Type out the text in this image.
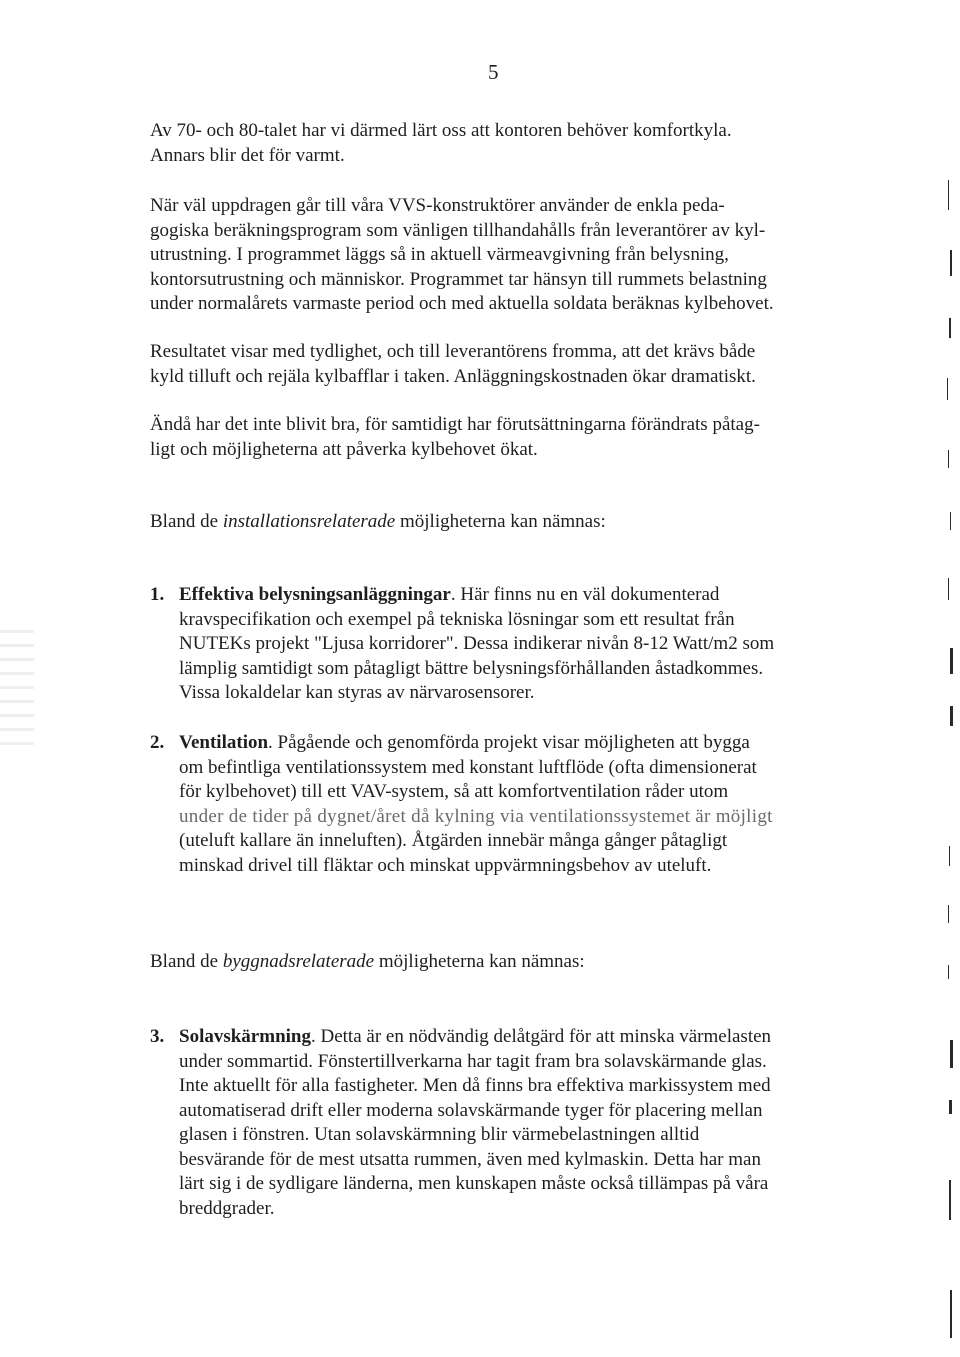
5
Av 70- och 80-talet har vi därmed lärt oss att kontoren behöver komfortkyla.
Annars blir det för varmt.
När väl uppdragen går till våra VVS-konstruktörer använder de enkla peda-
gogiska beräkningsprogram som vänligen tillhandahålls från leverantörer av kyl-
utrustning. I programmet läggs så in aktuell värmeavgivning från belysning,
kontorsutrustning och människor. Programmet tar hänsyn till rummets belastning
under normalårets varmaste period och med aktuella soldata beräknas kylbehovet.
Resultatet visar med tydlighet, och till leverantörens fromma, att det krävs både
kyld tilluft och rejäla kylbafflar i taken. Anläggningskostnaden ökar dramatiskt.
Ändå har det inte blivit bra, för samtidigt har förutsättningarna förändrats påtag-
ligt och möjligheterna att påverka kylbehovet ökat.
Bland de installationsrelaterade möjligheterna kan nämnas:
1. Effektiva belysningsanläggningar. Här finns nu en väl dokumenterad
kravspecifikation och exempel på tekniska lösningar som ett resultat från
NUTEKs projekt "Ljusa korridorer". Dessa indikerar nivån 8-12 Watt/m2 som
lämplig samtidigt som påtagligt bättre belysningsförhållanden åstadkommes.
Vissa lokaldelar kan styras av närvarosensorer.
2. Ventilation. Pågående och genomförda projekt visar möjligheten att bygga
om befintliga ventilationssystem med konstant luftflöde (ofta dimensionerat
för kylbehovet) till ett VAV-system, så att komfortventilation råder utom
under de tider på dygnet/året då kylning via ventilationssystemet är möjligt
(uteluft kallare än inneluften). Åtgärden innebär många gånger påtagligt
minskad drivel till fläktar och minskat uppvärmningsbehov av uteluft.
Bland de byggnadsrelaterade möjligheterna kan nämnas:
3. Solavskärmning. Detta är en nödvändig delåtgärd för att minska värmelasten
under sommartid. Fönstertillverkarna har tagit fram bra solavskärmande glas.
Inte aktuellt för alla fastigheter. Men då finns bra effektiva markissystem med
automatiserad drift eller moderna solavskärmande tyger för placering mellan
glasen i fönstren. Utan solavskärmning blir värmebelastningen alltid
besvärande för de mest utsatta rummen, även med kylmaskin. Detta har man
lärt sig i de sydligare länderna, men kunskapen måste också tillämpas på våra
breddgrader.
